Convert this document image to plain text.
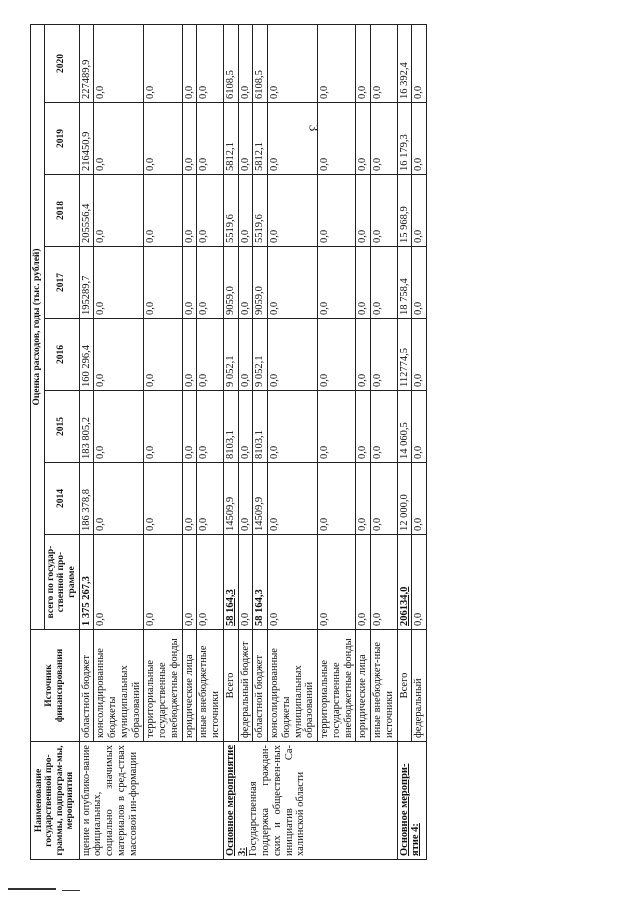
3
Наименование государственной про-граммы, подпрограм-мы, мероприятия	Источник финансирования	Оценка расходов, годы (тыс. рублей)							
		всего по государ-ственной про-грамме	2014	2015	2016	2017	2018	2019	2020
щение и опублико-вание официальных, социально значимых материалов в сред-ствах массовой ин-формации	областной бюджет	1 375 267,3	186 378,8	183 805,2	160 296,4	195289,7	205556,4	216450,9	227489,9
	консолидированные бюджеты муниципальных образований	0,0	0,0	0,0	0,0	0,0	0,0	0,0	0,0
	территориальные государственные внебюджетные фонды	0,0	0,0	0,0	0,0	0,0	0,0	0,0	0,0
	юридические лица	0,0	0,0	0,0	0,0	0,0	0,0	0,0	0,0
	иные внебюджетные источники	0,0	0,0	0,0	0,0	0,0	0,0	0,0	0,0
Основное мероприятие 3:
Государственная поддержка граждан-ских и обществен-ных инициатив Са-халинской области	Всего	58 164,3	14509,9	8103,1	9 052,1	9059,0	5519,6	5812,1	6108,5
	федеральный бюджет	0,0	0,0	0,0	0,0	0,0	0,0	0,0	0,0
	областной бюджет	58 164,3	14509,9	8103,1	9 052,1	9059,0	5519,6	5812,1	6108,5
	консолидированные бюджеты муниципальных образований	0,0	0,0	0,0	0,0	0,0	0,0	0,0	0,0
	территориальные государственные внебюджетные фонды	0,0	0,0	0,0	0,0	0,0	0,0	0,0	0,0
	юридические лица	0,0	0,0	0,0	0,0	0,0	0,0	0,0	0,0
	иные внебюджет-ные источники	0,0	0,0	0,0	0,0	0,0	0,0	0,0	0,0
Основное меропри-ятие 4:	Всего	206134,0	12 000,0	14 060,5	112774,5	18 758,4	15 968,9	16 179,3	16 392,4
	федеральный	0,0	0,0	0,0	0,0	0,0	0,0	0,0	0,0
